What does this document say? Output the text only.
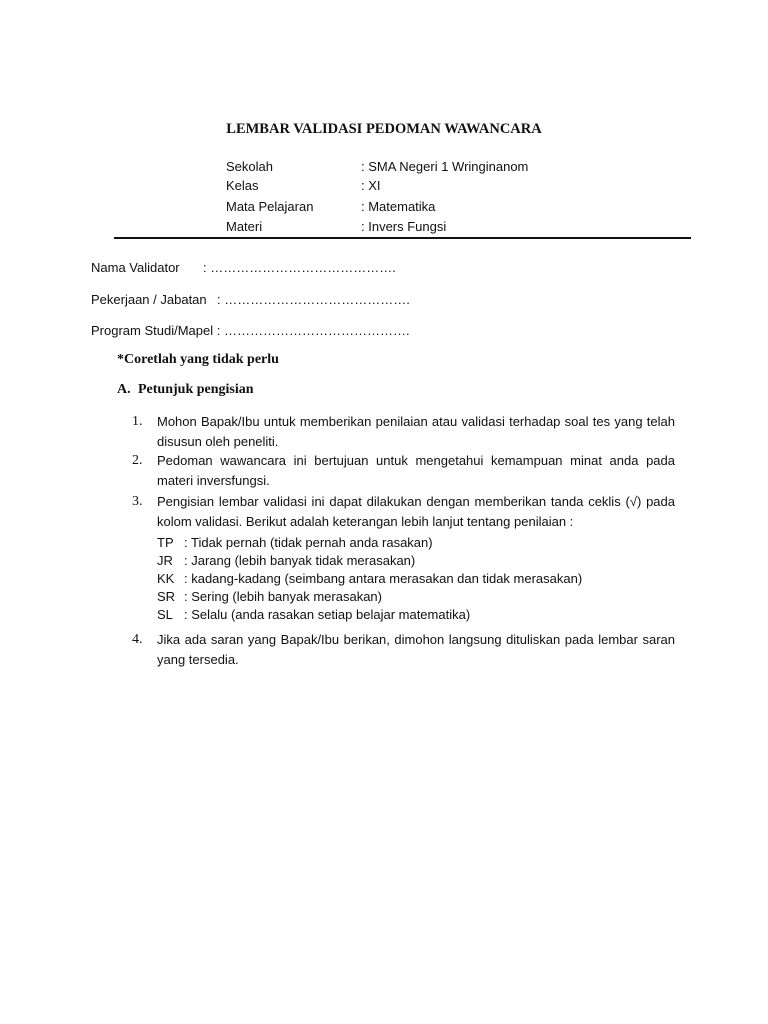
LEMBAR VALIDASI PEDOMAN WAWANCARA
Sekolah	: SMA Negeri 1 Wringinanom
Kelas	: XI
Mata Pelajaran	: Matematika
Materi	: Invers Fungsi
Nama Validator : …………………………………….
Pekerjaan / Jabatan : …………………………………….
Program Studi/Mapel : …………………………………….
*Coretlah yang tidak perlu
A. Petunjuk pengisian
1.	Mohon Bapak/Ibu untuk memberikan penilaian atau validasi terhadap soal tes yang telah disusun oleh peneliti.
2.	Pedoman wawancara ini bertujuan untuk mengetahui kemampuan minat anda pada materi inversfungsi.
3.	Pengisian lembar validasi ini dapat dilakukan dengan memberikan tanda ceklis (√) pada kolom validasi. Berikut adalah keterangan lebih lanjut tentang penilaian :
TP : Tidak pernah (tidak pernah anda rasakan)
JR : Jarang (lebih banyak tidak merasakan)
KK : kadang-kadang (seimbang antara merasakan dan tidak merasakan)
SR : Sering (lebih banyak merasakan)
SL : Selalu (anda rasakan setiap belajar matematika)
4.	Jika ada saran yang Bapak/Ibu berikan, dimohon langsung dituliskan pada lembar saran yang tersedia.
